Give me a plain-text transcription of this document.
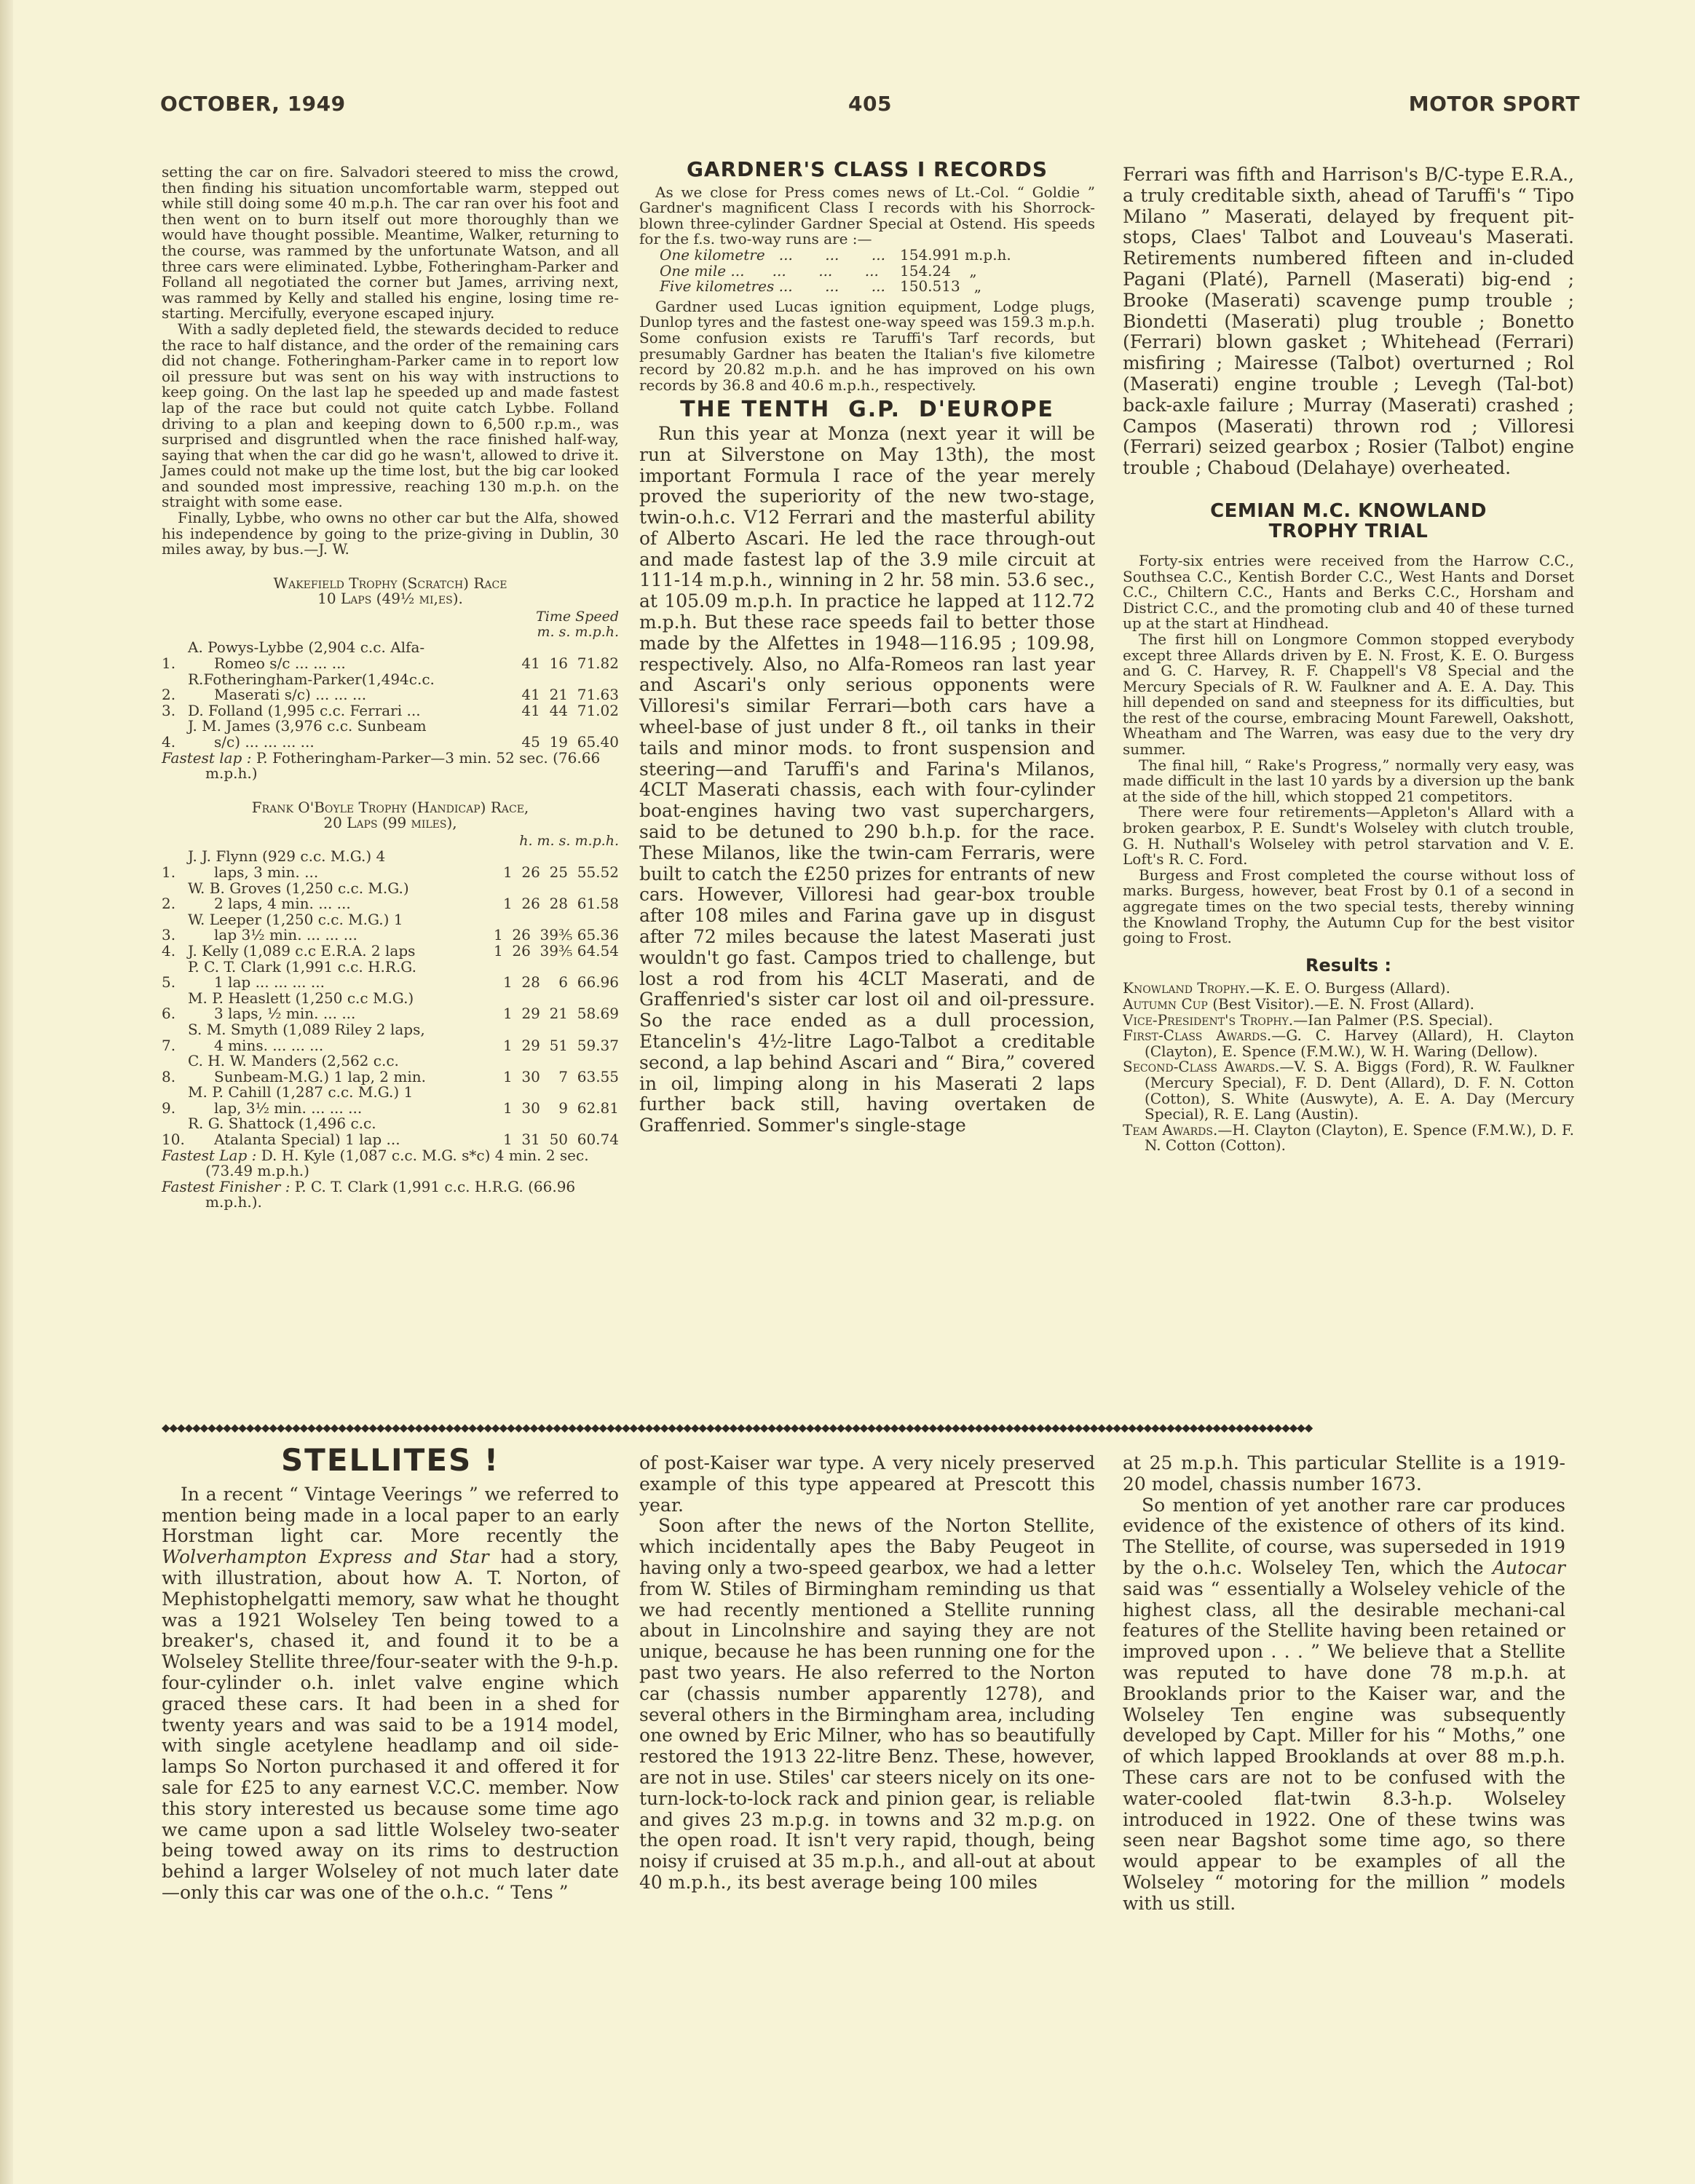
OCTOBER, 1949	405	MOTOR SPORT

setting the car on fire. Salvadori steered to miss the crowd, then finding his situation uncomfortable warm, stepped out while still doing some 40 m.p.h. The car ran over his foot and then went on to burn itself out more thoroughly than we would have thought possible. Meantime, Walker, returning to the course, was rammed by the unfortunate Watson, and all three cars were eliminated. Lybbe, Fotheringham-Parker and Folland all negotiated the corner but James, arriving next, was rammed by Kelly and stalled his engine, losing time re-starting. Mercifully, everyone escaped injury.

With a sadly depleted field, the stewards decided to reduce the race to half distance, and the order of the remaining cars did not change. Fotheringham-Parker came in to report low oil pressure but was sent on his way with instructions to keep going. On the last lap he speeded up and made fastest lap of the race but could not quite catch Lybbe. Folland driving to a plan and keeping down to 6,500 r.p.m., was surprised and disgruntled when the race finished half-way, saying that when the car did go he wasn't, allowed to drive it. James could not make up the time lost, but the big car looked and sounded most impressive, reaching 130 m.p.h. on the straight with some ease.

Finally, Lybbe, who owns no other car but the Alfa, showed his independence by going to the prize-giving in Dublin, 30 miles away, by bus.—J. W.

Wakefield Trophy (Scratch) Race
10 Laps (49½ mi,es).
Time Speed
m. s. m.p.h.
1.
A. Powys-Lybbe (2,904 c.c. Alfa-
Romeo s/c ... ... ...	41  16  71.82
2.
R.Fotheringham-Parker(1,494c.c.
Maserati s/c) ... ... ...	41  21  71.63
3. D. Folland (1,995 c.c. Ferrari ...	41  44  71.02
4.
J. M. James (3,976 c.c. Sunbeam
s/c) ... ... ... ...	45  19  65.40
Fastest lap : P. Fotheringham-Parker—3 min. 52 sec. (76.66 m.p.h.)
Frank O'Boyle Trophy (Handicap) Race,
20 Laps (99 miles),
h. m. s. m.p.h.
1.
J. J. Flynn (929 c.c. M.G.) 4
laps, 3 min. ...	1  26  25  55.52
2.
W. B. Groves (1,250 c.c. M.G.)
2 laps, 4 min. ... ...	1  26  28  61.58
3.
W. Leeper (1,250 c.c. M.G.) 1
lap 3½ min. ... ... ...	1  26  39⅗ 65.36
4. J. Kelly (1,089 c.c E.R.A. 2 laps	1  26  39⅗ 64.54
5.
P. C. T. Clark (1,991 c.c. H.R.G.
1 lap ... ... ... ...	1  28    6  66.96
6.
M. P. Heaslett (1,250 c.c M.G.)
3 laps, ½ min. ... ...	1  29  21  58.69
7.
S. M. Smyth (1,089 Riley 2 laps,
4 mins. ... ... ...	1  29  51  59.37
8.
C. H. W. Manders (2,562 c.c.
Sunbeam-M.G.) 1 lap, 2 min.	1  30    7  63.55
9.
M. P. Cahill (1,287 c.c. M.G.) 1
lap, 3½ min. ... ... ...	1  30    9  62.81
10.
R. G. Shattock (1,496 c.c.
Atalanta Special) 1 lap ...	1  31  50  60.74
Fastest Lap : D. H. Kyle (1,087 c.c. M.G. s*c) 4 min. 2 sec. (73.49 m.p.h.)
Fastest Finisher : P. C. T. Clark (1,991 c.c. H.R.G. (66.96 m.p.h.).
GARDNER'S CLASS I RECORDS

As we close for Press comes news of Lt.-Col. “ Goldie ” Gardner's magnificent Class I records with his Shorrock-blown three-cylinder Gardner Special at Ostend. His speeds for the f.s. two-way runs are :—

One kilometre   ...       ...       ...	154.991 m.p.h.
One mile ...      ...       ...       ...	154.24    „
Five kilometres ...       ...       ...	150.513   „

Gardner used Lucas ignition equipment, Lodge plugs, Dunlop tyres and the fastest one-way speed was 159.3 m.p.h. Some confusion exists re Taruffi's Tarf records, but presumably Gardner has beaten the Italian's five kilometre record by 20.82 m.p.h. and he has improved on his own records by 36.8 and 40.6 m.p.h., respectively.

THE TENTH  G.P.  D'EUROPE

Run this year at Monza (next year it will be run at Silverstone on May 13th), the most important Formula I race of the year merely proved the superiority of the new two-stage, twin-o.h.c. V12 Ferrari and the masterful ability of Alberto Ascari. He led the race through-out and made fastest lap of the 3.9 mile circuit at 111-14 m.p.h., winning in 2 hr. 58 min. 53.6 sec., at 105.09 m.p.h. In practice he lapped at 112.72 m.p.h. But these race speeds fail to better those made by the Alfettes in 1948—116.95 ; 109.98, respectively. Also, no Alfa-Romeos ran last year and Ascari's only serious opponents were Villoresi's similar Ferrari—both cars have a wheel-base of just under 8 ft., oil tanks in their tails and minor mods. to front suspension and steering—and Taruffi's and Farina's Milanos, 4CLT Maserati chassis, each with four-cylinder boat-engines having two vast superchargers, said to be detuned to 290 b.h.p. for the race. These Milanos, like the twin-cam Ferraris, were built to catch the £250 prizes for entrants of new cars. However, Villoresi had gear-box trouble after 108 miles and Farina gave up in disgust after 72 miles because the latest Maserati just wouldn't go fast. Campos tried to challenge, but lost a rod from his 4CLT Maserati, and de Graffenried's sister car lost oil and oil-pressure. So the race ended as a dull procession, Etancelin's 4½-litre Lago-Talbot a creditable second, a lap behind Ascari and “ Bira,” covered in oil, limping along in his Maserati 2 laps further back still, having overtaken de Graffenried. Sommer's single-stage

Ferrari was fifth and Harrison's B/C-type E.R.A., a truly creditable sixth, ahead of Taruffi's “ Tipo Milano ” Maserati, delayed by frequent pit-stops, Claes' Talbot and Louveau's Maserati. Retirements numbered fifteen and in-cluded Pagani (Platé), Parnell (Maserati) big-end ; Brooke (Maserati) scavenge pump trouble ; Biondetti (Maserati) plug trouble ; Bonetto (Ferrari) blown gasket ; Whitehead (Ferrari) misfiring ; Mairesse (Talbot) overturned ; Rol (Maserati) engine trouble ; Levegh (Tal-bot) back-axle failure ; Murray (Maserati) crashed ; Campos (Maserati) thrown rod ; Villoresi (Ferrari) seized gearbox ; Rosier (Talbot) engine trouble ; Chaboud (Delahaye) overheated.

CEMIAN M.C. KNOWLAND
TROPHY TRIAL

Forty-six entries were received from the Harrow C.C., Southsea C.C., Kentish Border C.C., West Hants and Dorset C.C., Chiltern C.C., Hants and Berks C.C., Horsham and District C.C., and the promoting club and 40 of these turned up at the start at Hindhead.

The first hill on Longmore Common stopped everybody except three Allards driven by E. N. Frost, K. E. O. Burgess and G. C. Harvey, R. F. Chappell's V8 Special and the Mercury Specials of R. W. Faulkner and A. E. A. Day. This hill depended on sand and steepness for its difficulties, but the rest of the course, embracing Mount Farewell, Oakshott, Wheatham and The Warren, was easy due to the very dry summer.

The final hill, “ Rake's Progress,” normally very easy, was made difficult in the last 10 yards by a diversion up the bank at the side of the hill, which stopped 21 competitors.

There were four retirements—Appleton's Allard with a broken gearbox, P. E. Sundt's Wolseley with clutch trouble, G. H. Nuthall's Wolseley with petrol starvation and V. E. Loft's R. C. Ford.

Burgess and Frost completed the course without loss of marks. Burgess, however, beat Frost by 0.1 of a second in aggregate times on the two special tests, thereby winning the Knowland Trophy, the Autumn Cup for the best visitor going to Frost.

Results :
Knowland Trophy.—K. E. O. Burgess (Allard).
Autumn Cup (Best Visitor).—E. N. Frost (Allard).
Vice-President's Trophy.—Ian Palmer (P.S. Special).
First-Class Awards.—G. C. Harvey (Allard), H. Clayton (Clayton), E. Spence (F.M.W.), W. H. Waring (Dellow).
Second-Class Awards.—V. S. A. Biggs (Ford), R. W. Faulkner (Mercury Special), F. D. Dent (Allard), D. F. N. Cotton (Cotton), S. White (Auswyte), A. E. A. Day (Mercury Special), R. E. Lang (Austin).
Team Awards.—H. Clayton (Clayton), E. Spence (F.M.W.), D. F. N. Cotton (Cotton).
◆◆◆◆◆◆◆◆◆◆◆◆◆◆◆◆◆◆◆◆◆◆◆◆◆◆◆◆◆◆◆◆◆◆◆◆◆◆◆◆◆◆◆◆◆◆◆◆◆◆◆◆◆◆◆◆◆◆◆◆◆◆◆◆◆◆◆◆◆◆◆◆◆◆◆◆◆◆◆◆◆◆◆◆◆◆◆◆◆◆◆◆◆◆◆◆◆◆◆◆◆◆◆◆◆◆◆◆◆◆◆◆◆◆◆◆◆◆◆◆◆◆◆◆◆◆◆◆◆◆◆◆◆◆◆◆◆◆◆◆◆◆◆◆◆◆◆◆◆◆
STELLITES !

In a recent “ Vintage Veerings ” we referred to mention being made in a local paper to an early Horstman light car. More recently the Wolverhampton Express and Star had a story, with illustration, about how A. T. Norton, of Mephistophelgatti memory, saw what he thought was a 1921 Wolseley Ten being towed to a breaker's, chased it, and found it to be a Wolseley Stellite three/four-seater with the 9-h.p. four-cylinder o.h. inlet valve engine which graced these cars. It had been in a shed for twenty years and was said to be a 1914 model, with single acetylene headlamp and oil side-lamps So Norton purchased it and offered it for sale for £25 to any earnest V.C.C. member. Now this story interested us because some time ago we came upon a sad little Wolseley two-seater being towed away on its rims to destruction behind a larger Wolseley of not much later date—only this car was one of the o.h.c. “ Tens ”

of post-Kaiser war type. A very nicely preserved example of this type appeared at Prescott this year.

Soon after the news of the Norton Stellite, which incidentally apes the Baby Peugeot in having only a two-speed gearbox, we had a letter from W. Stiles of Birmingham reminding us that we had recently mentioned a Stellite running about in Lincolnshire and saying they are not unique, because he has been running one for the past two years. He also referred to the Norton car (chassis number apparently 1278), and several others in the Birmingham area, including one owned by Eric Milner, who has so beautifully restored the 1913 22-litre Benz. These, however, are not in use. Stiles' car steers nicely on its one-turn-lock-to-lock rack and pinion gear, is reliable and gives 23 m.p.g. in towns and 32 m.p.g. on the open road. It isn't very rapid, though, being noisy if cruised at 35 m.p.h., and all-out at about 40 m.p.h., its best average being 100 miles

at 25 m.p.h. This particular Stellite is a 1919-20 model, chassis number 1673.

So mention of yet another rare car produces evidence of the existence of others of its kind. The Stellite, of course, was superseded in 1919 by the o.h.c. Wolseley Ten, which the Autocar said was “ essentially a Wolseley vehicle of the highest class, all the desirable mechani-cal features of the Stellite having been retained or improved upon . . . ” We believe that a Stellite was reputed to have done 78 m.p.h. at Brooklands prior to the Kaiser war, and the Wolseley Ten engine was subsequently developed by Capt. Miller for his “ Moths,” one of which lapped Brooklands at over 88 m.p.h. These cars are not to be confused with the water-cooled flat-twin 8.3-h.p. Wolseley introduced in 1922. One of these twins was seen near Bagshot some time ago, so there would appear to be examples of all the Wolseley “ motoring for the million ” models with us still.
